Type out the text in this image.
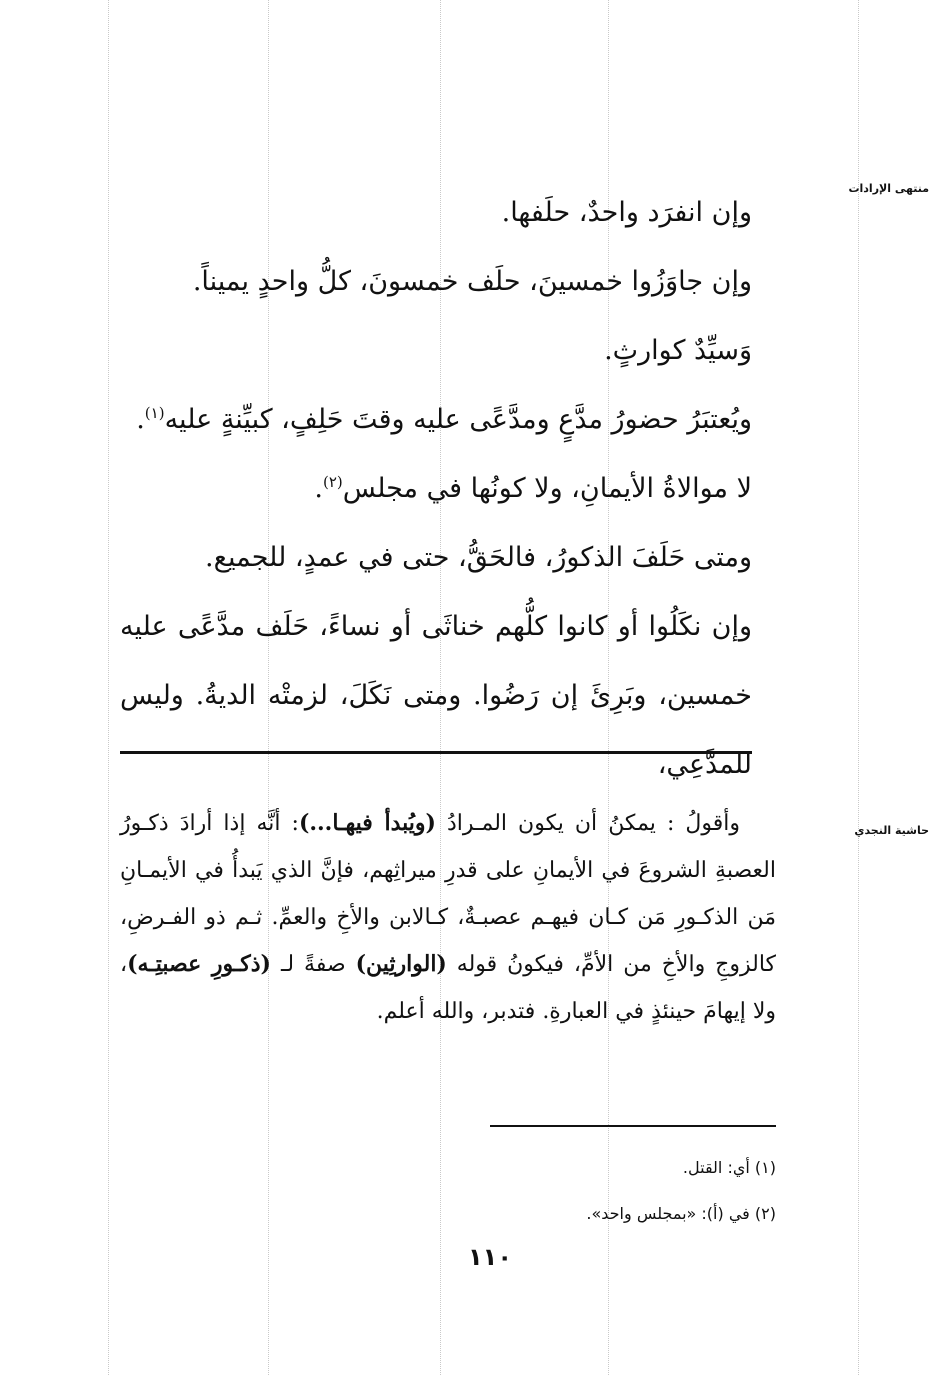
منتهى الإرادات
حاشية النجدي

وإن انفرَد واحدٌ، حلَفها.

وإن جاوَزُوا خمسينَ، حلَف خمسونَ، كلُّ واحدٍ يميناً.

وَسيِّدٌ كوارثٍ.

ويُعتبَرُ حضورُ مدَّعٍ ومدَّعًى عليه وقتَ حَلِفٍ، كبيِّنةٍ عليه$^{(١)}$.

لا موالاةُ الأيمانِ، ولا كونُها في مجلس$^{(٢)}$.

ومتى حَلَفَ الذكورُ، فالحَقُّ، حتى في عمدٍ، للجميع.

وإن نكَلُوا أو كانوا كلُّهم خناثَى أو نساءً، حَلَف مدَّعًى عليه

خمسين، وبَرِئَ إن رَضُوا. ومتى نَكَلَ، لزمتْه الديةُ. وليس للمدَّعِي،

وأقولُ : يمكنُ أن يكون المـرادُ (ويُبدأ فيهـا...): أنَّه إذا أرادَ ذكـورُ العصبةِ الشروعَ في الأيمانِ على قدرِ ميراثِهم، فإنَّ الذي يَبدأُ في الأيمـانِ مَن الذكـورِ مَن كـان فيهـم عصبـةٌ، كـالابن والأخِ والعمِّ. ثـم ذو الفـرضِ، كالزوجِ والأخِ من الأمِّ، فيكونُ قوله (الوارثِين) صفةً لـ (ذكـورِ عصبتِـه)، ولا إيهامَ حينئذٍ في العبارةِ. فتدبر، والله أعلم.

(١) أي: القتل.
(٢) في (أ): «بمجلس واحد».
١١٠
